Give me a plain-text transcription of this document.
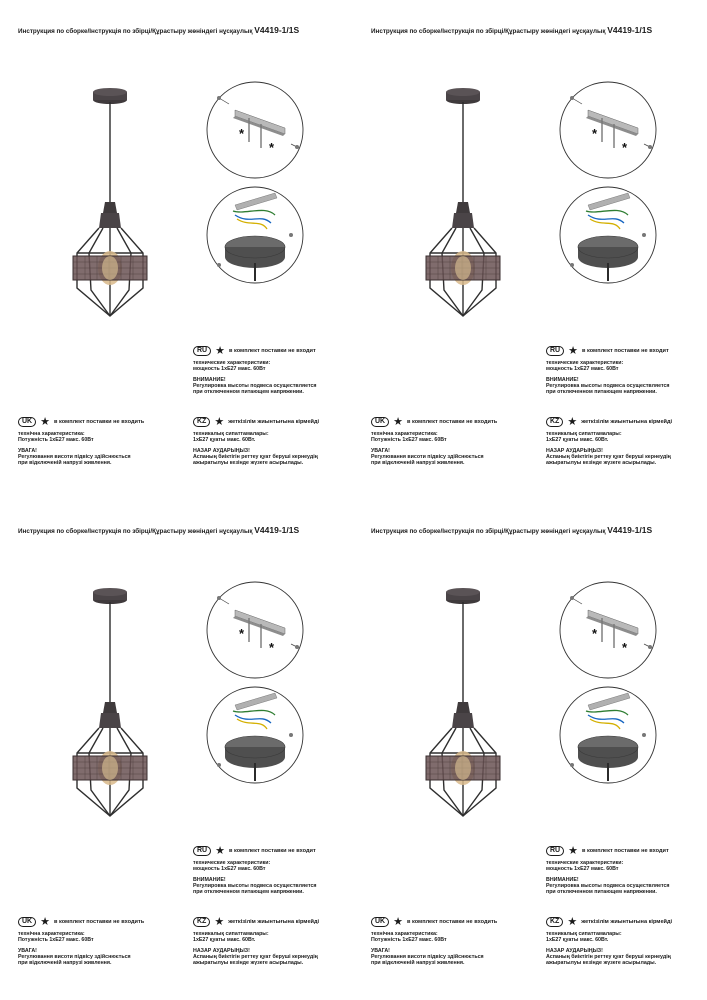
Инструкция по сборке/Інструкція по збірці/Құрастыру жөніндегі нұсқаулық V4419-1/1S
*
*
RU ★ в комплект поставки не входит

технические характеристики:
мощность 1хЕ27 макс. 60Вт

ВНИМАНИЕ!
Регулировка высоты подвеса осуществляется
при отключенном питающем напряжении.

UK ★ в комплект поставки не входить

технічна характеристика:
Потужність 1хЕ27 макс. 60Вт

УВАГА!
Регулювання висоти підвісу здійснюється
при відключеній напрузі живлення.

KZ ★ жеткізілім жиынтығына кірмейді

техникалық сипаттамалары:
1хЕ27 қуаты макс. 60Вт.

НАЗАР АУДАРЫҢЫЗ!
Аспаның биіктігін реттеу қуат беруші кернеудің
ажыратылуы кезінде жүзеге асырылады.

Инструкция по сборке/Інструкція по збірці/Құрастыру жөніндегі нұсқаулық V4419-1/1S
*
*
RU ★ в комплект поставки не входит

технические характеристики:
мощность 1хЕ27 макс. 60Вт

ВНИМАНИЕ!
Регулировка высоты подвеса осуществляется
при отключенном питающем напряжении.

UK ★ в комплект поставки не входить

технічна характеристика:
Потужність 1хЕ27 макс. 60Вт

УВАГА!
Регулювання висоти підвісу здійснюється
при відключеній напрузі живлення.

KZ ★ жеткізілім жиынтығына кірмейді

техникалық сипаттамалары:
1хЕ27 қуаты макс. 60Вт.

НАЗАР АУДАРЫҢЫЗ!
Аспаның биіктігін реттеу қуат беруші кернеудің
ажыратылуы кезінде жүзеге асырылады.

Инструкция по сборке/Інструкція по збірці/Құрастыру жөніндегі нұсқаулық V4419-1/1S
*
*
RU ★ в комплект поставки не входит

технические характеристики:
мощность 1хЕ27 макс. 60Вт

ВНИМАНИЕ!
Регулировка высоты подвеса осуществляется
при отключенном питающем напряжении.

UK ★ в комплект поставки не входить

технічна характеристика:
Потужність 1хЕ27 макс. 60Вт

УВАГА!
Регулювання висоти підвісу здійснюється
при відключеній напрузі живлення.

KZ ★ жеткізілім жиынтығына кірмейді

техникалық сипаттамалары:
1хЕ27 қуаты макс. 60Вт.

НАЗАР АУДАРЫҢЫЗ!
Аспаның биіктігін реттеу қуат беруші кернеудің
ажыратылуы кезінде жүзеге асырылады.

Инструкция по сборке/Інструкція по збірці/Құрастыру жөніндегі нұсқаулық V4419-1/1S
*
*
RU ★ в комплект поставки не входит

технические характеристики:
мощность 1хЕ27 макс. 60Вт

ВНИМАНИЕ!
Регулировка высоты подвеса осуществляется
при отключенном питающем напряжении.

UK ★ в комплект поставки не входить

технічна характеристика:
Потужність 1хЕ27 макс. 60Вт

УВАГА!
Регулювання висоти підвісу здійснюється
при відключеній напрузі живлення.

KZ ★ жеткізілім жиынтығына кірмейді

техникалық сипаттамалары:
1хЕ27 қуаты макс. 60Вт.

НАЗАР АУДАРЫҢЫЗ!
Аспаның биіктігін реттеу қуат беруші кернеудің
ажыратылуы кезінде жүзеге асырылады.
